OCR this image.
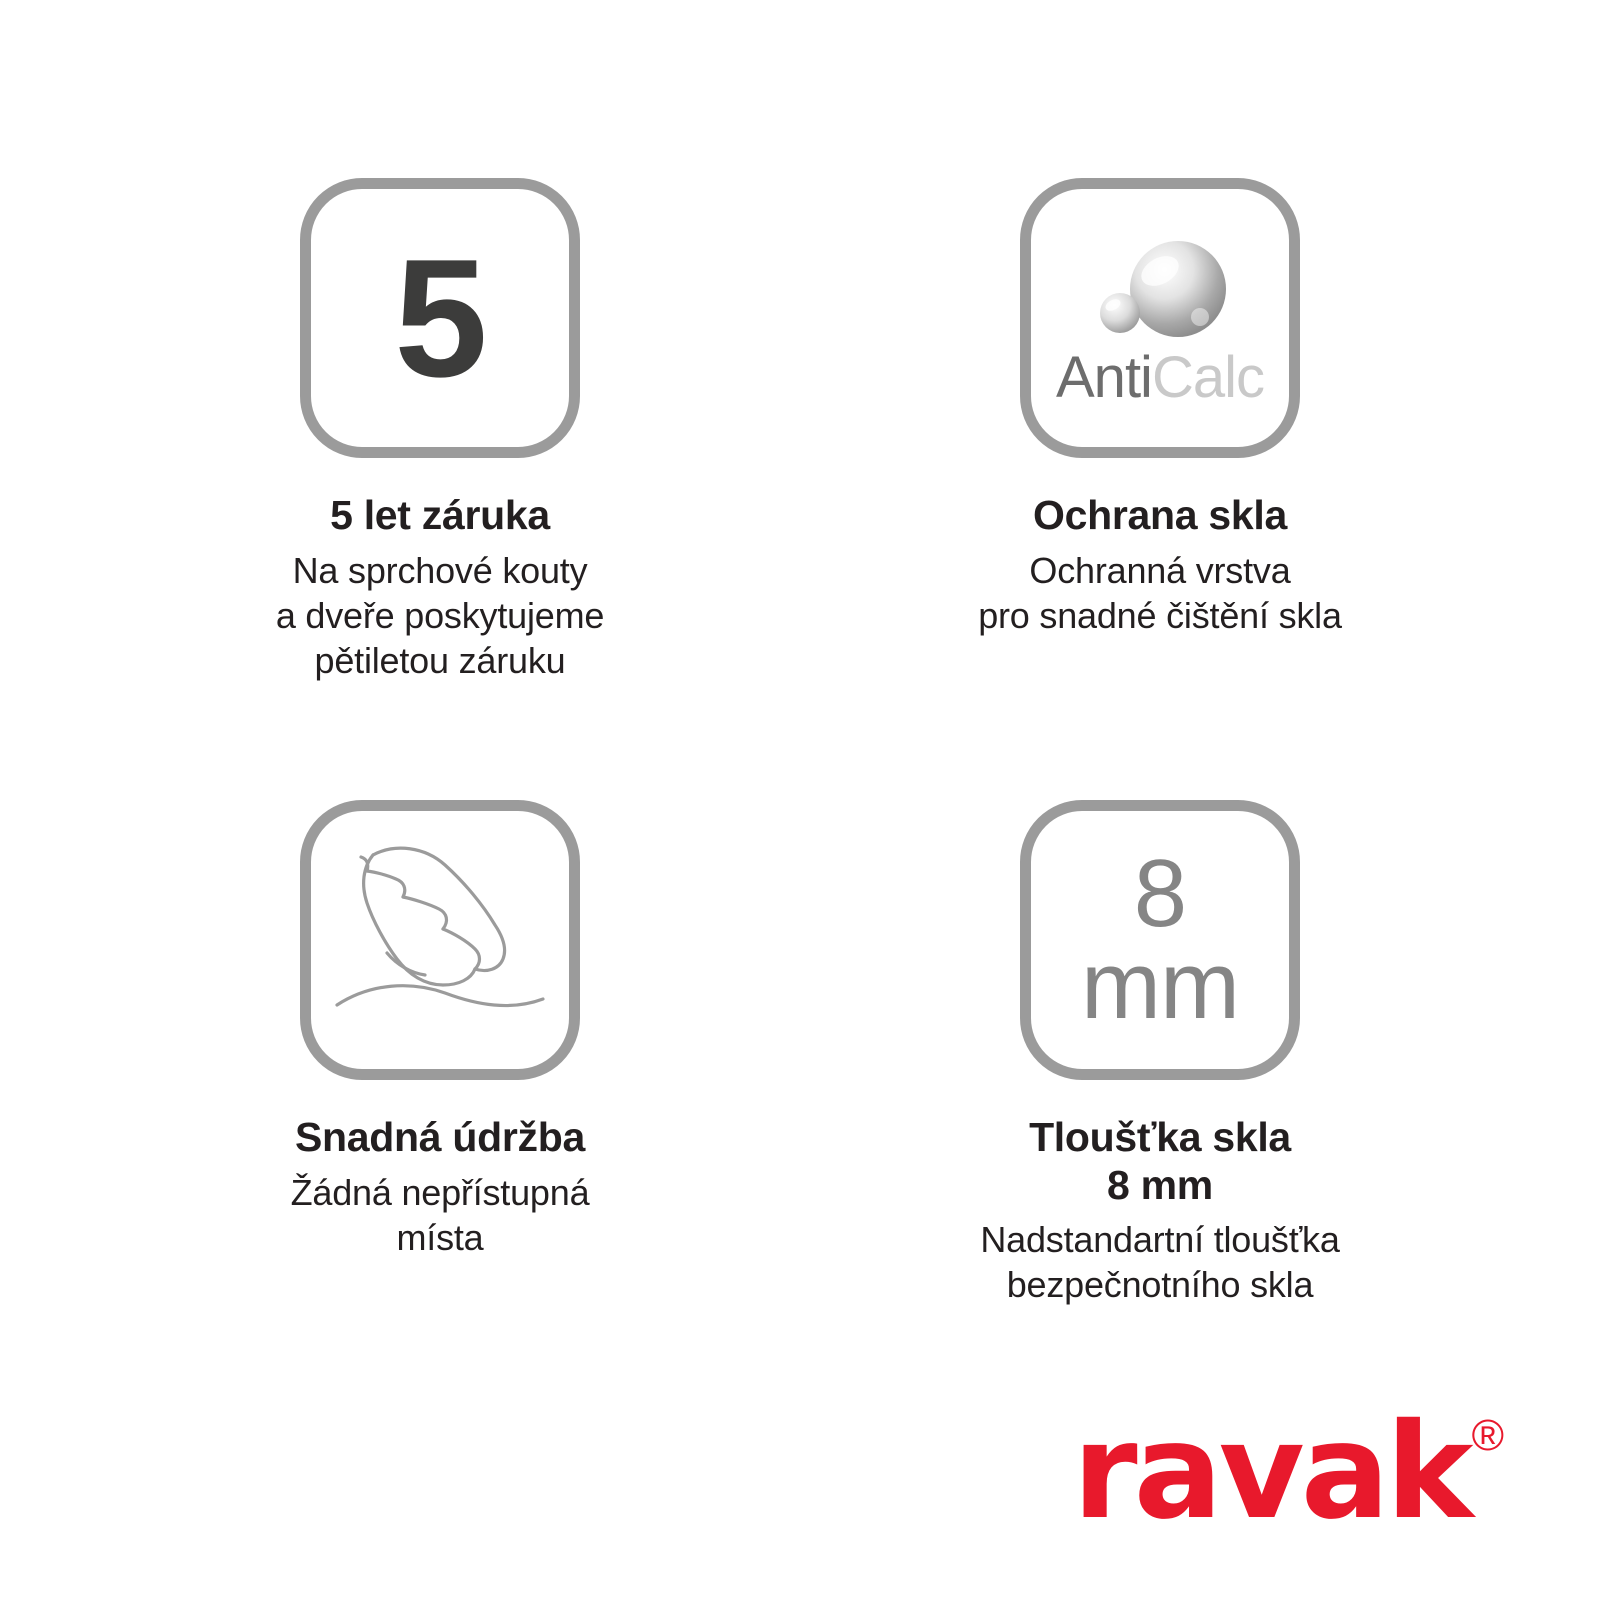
5
5 let záruka
Na sprchové kouty
a dveře poskytujeme
pětiletou záruku
AntiCalc
Ochrana skla
Ochranná vrstva
pro snadné čištění skla
Snadná údržba
Žádná nepřístupná
místa
8
mm
Tloušťka skla
8 mm
Nadstandartní tloušťka
bezpečnotního skla
ravak ®
